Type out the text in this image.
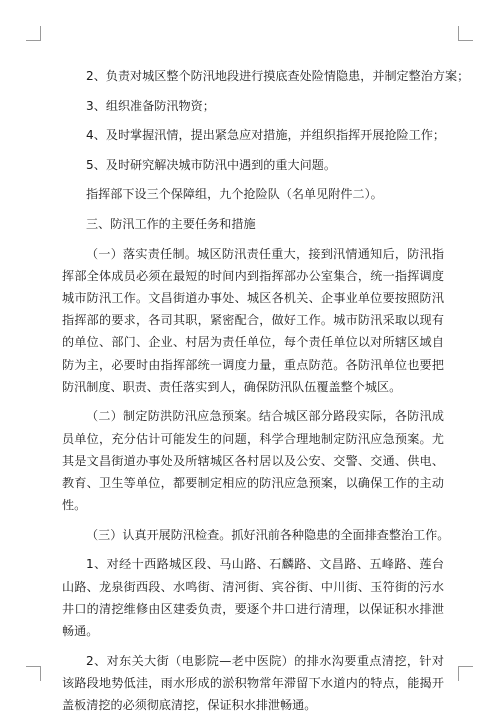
2、负责对城区整个防汛地段进行摸底查处险情隐患，并制定整治方案；

3、组织准备防汛物资；

4、及时掌握汛情，提出紧急应对措施，并组织指挥开展抢险工作；

5、及时研究解决城市防汛中遇到的重大问题。

指挥部下设三个保障组，九个抢险队（名单见附件二）。

三、防汛工作的主要任务和措施

（一）落实责任制。城区防汛责任重大，接到汛情通知后，防汛指挥部全体成员必须在最短的时间内到指挥部办公室集合，统一指挥调度城市防汛工作。文昌街道办事处、城区各机关、企事业单位要按照防汛指挥部的要求，各司其职，紧密配合，做好工作。城市防汛采取以现有的单位、部门、企业、村居为责任单位，每个责任单位以对所辖区域自防为主，必要时由指挥部统一调度力量，重点防范。各防汛单位也要把防汛制度、职责、责任落实到人，确保防汛队伍覆盖整个城区。

（二）制定防洪防汛应急预案。结合城区部分路段实际，各防汛成员单位，充分估计可能发生的问题，科学合理地制定防汛应急预案。尤其是文昌街道办事处及所辖城区各村居以及公安、交警、交通、供电、教育、卫生等单位，都要制定相应的防汛应急预案，以确保工作的主动性。

（三）认真开展防汛检查。抓好汛前各种隐患的全面排查整治工作。

1、对经十西路城区段、马山路、石麟路、文昌路、五峰路、莲台山路、龙泉街西段、水鸣街、清河街、宾谷街、中川街、玉符街的污水井口的清挖维修由区建委负责，要逐个井口进行清理，以保证积水排泄畅通。

2、对东关大街（电影院—老中医院）的排水沟要重点清挖，针对该路段地势低洼，雨水形成的淤积物常年滞留下水道内的特点，能揭开盖板清挖的必须彻底清挖，保证积水排泄畅通。
